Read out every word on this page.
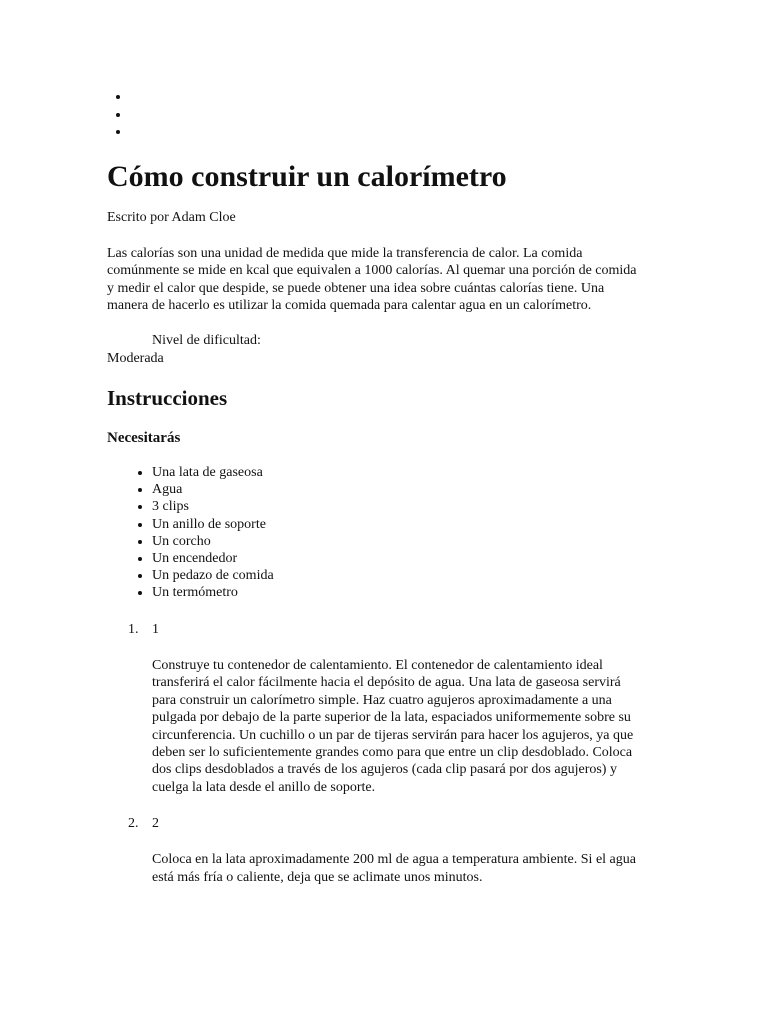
Cómo construir un calorímetro

Escrito por Adam Cloe

Las calorías son una unidad de medida que mide la transferencia de calor. La comida comúnmente se mide en kcal que equivalen a 1000 calorías. Al quemar una porción de comida y medir el calor que despide, se puede obtener una idea sobre cuántas calorías tiene. Una manera de hacerlo es utilizar la comida quemada para calentar agua en un calorímetro.

Nivel de dificultad:
Moderada

Instrucciones
Necesitarás
• Una lata de gaseosa
• Agua
• 3 clips
• Un anillo de soporte
• Un corcho
• Un encendedor
• Un pedazo de comida
• Un termómetro
1. 1
Construye tu contenedor de calentamiento. El contenedor de calentamiento ideal transferirá el calor fácilmente hacia el depósito de agua. Una lata de gaseosa servirá para construir un calorímetro simple. Haz cuatro agujeros aproximadamente a una pulgada por debajo de la parte superior de la lata, espaciados uniformemente sobre su circunferencia. Un cuchillo o un par de tijeras servirán para hacer los agujeros, ya que deben ser lo suficientemente grandes como para que entre un clip desdoblado. Coloca dos clips desdoblados a través de los agujeros (cada clip pasará por dos agujeros) y cuelga la lata desde el anillo de soporte.
2. 2
Coloca en la lata aproximadamente 200 ml de agua a temperatura ambiente. Si el agua está más fría o caliente, deja que se aclimate unos minutos.
